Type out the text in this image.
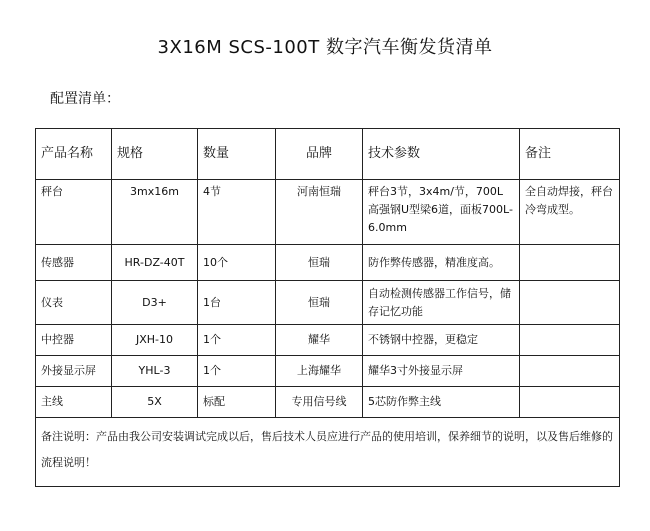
3X16M SCS-100T 数字汽车衡发货清单
配置清单：
产品名称	规格	数量	品牌	技术参数	备注
秤台	3mx16m	4节	河南恒瑞	秤台3节，3x4m/节，700L高强钢U型梁6道，面板700L-6.0mm	全自动焊接，秤台冷弯成型。
传感器	HR-DZ-40T	10个	恒瑞	防作弊传感器，精准度高。	
仪表	D3+	1台	恒瑞	自动检测传感器工作信号，储存记忆功能	
中控器	JXH-10	1个	耀华	不锈钢中控器，更稳定	
外接显示屏	YHL-3	1个	上海耀华	耀华3寸外接显示屏	
主线	5X	标配	专用信号线	5芯防作弊主线	
备注说明：产品由我公司安装调试完成以后，售后技术人员应进行产品的使用培训，保养细节的说明，以及售后维修的流程说明！					
